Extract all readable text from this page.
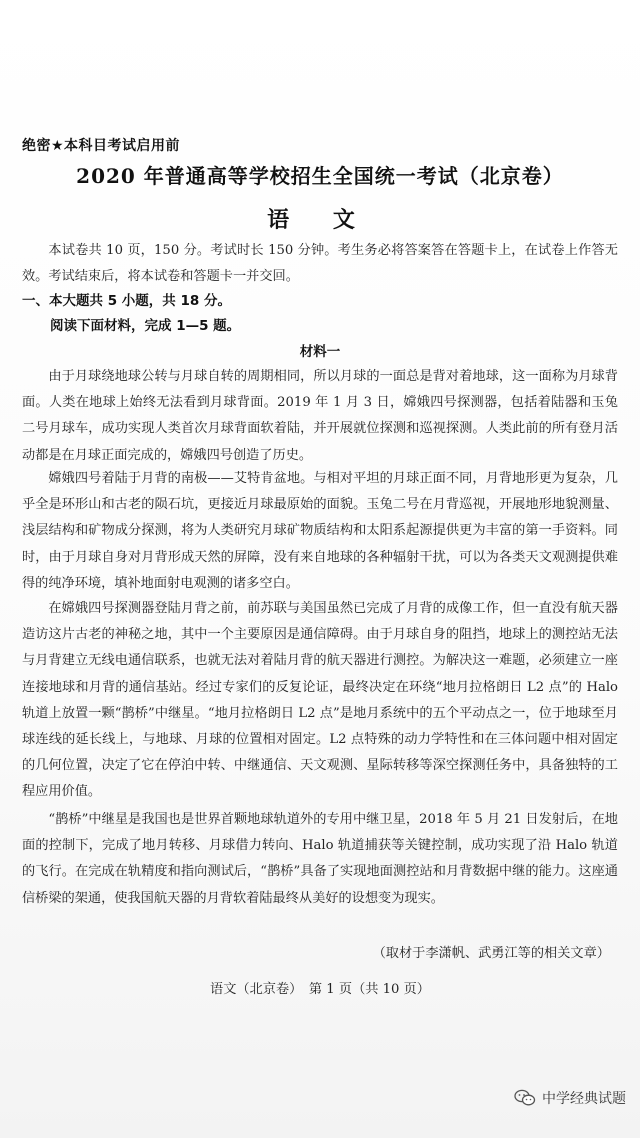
绝密★本科目考试启用前
2020 年普通高等学校招生全国统一考试（北京卷）
语 文
本试卷共 10 页，150 分。考试时长 150 分钟。考生务必将答案答在答题卡上，在试卷上作答无效。考试结束后，将本试卷和答题卡一并交回。
一、本大题共 5 小题，共 18 分。
阅读下面材料，完成 1—5 题。
材料一
由于月球绕地球公转与月球自转的周期相同，所以月球的一面总是背对着地球，这一面称为月球背面。人类在地球上始终无法看到月球背面。2019 年 1 月 3 日，嫦娥四号探测器，包括着陆器和玉兔二号月球车，成功实现人类首次月球背面软着陆，并开展就位探测和巡视探测。人类此前的所有登月活动都是在月球正面完成的，嫦娥四号创造了历史。
嫦娥四号着陆于月背的南极——艾特肯盆地。与相对平坦的月球正面不同，月背地形更为复杂，几乎全是环形山和古老的陨石坑，更接近月球最原始的面貌。玉兔二号在月背巡视，开展地形地貌测量、浅层结构和矿物成分探测，将为人类研究月球矿物质结构和太阳系起源提供更为丰富的第一手资料。同时，由于月球自身对月背形成天然的屏障，没有来自地球的各种辐射干扰，可以为各类天文观测提供难得的纯净环境，填补地面射电观测的诸多空白。
在嫦娥四号探测器登陆月背之前，前苏联与美国虽然已完成了月背的成像工作，但一直没有航天器造访这片古老的神秘之地，其中一个主要原因是通信障碍。由于月球自身的阻挡，地球上的测控站无法与月背建立无线电通信联系，也就无法对着陆月背的航天器进行测控。为解决这一难题，必须建立一座连接地球和月背的通信基站。经过专家们的反复论证，最终决定在环绕“地月拉格朗日 L2 点”的 Halo 轨道上放置一颗“鹊桥”中继星。“地月拉格朗日 L2 点”是地月系统中的五个平动点之一，位于地球至月球连线的延长线上，与地球、月球的位置相对固定。L2 点特殊的动力学特性和在三体问题中相对固定的几何位置，决定了它在停泊中转、中继通信、天文观测、星际转移等深空探测任务中，具备独特的工程应用价值。
“鹊桥”中继星是我国也是世界首颗地球轨道外的专用中继卫星，2018 年 5 月 21 日发射后，在地面的控制下，完成了地月转移、月球借力转向、Halo 轨道捕获等关键控制，成功实现了沿 Halo 轨道的飞行。在完成在轨精度和指向测试后，“鹊桥”具备了实现地面测控站和月背数据中继的能力。这座通信桥梁的架通，使我国航天器的月背软着陆最终从美好的设想变为现实。
（取材于李潇帆、武勇江等的相关文章）
语文（北京卷）　第 1 页（共 10 页）
中学经典试题
